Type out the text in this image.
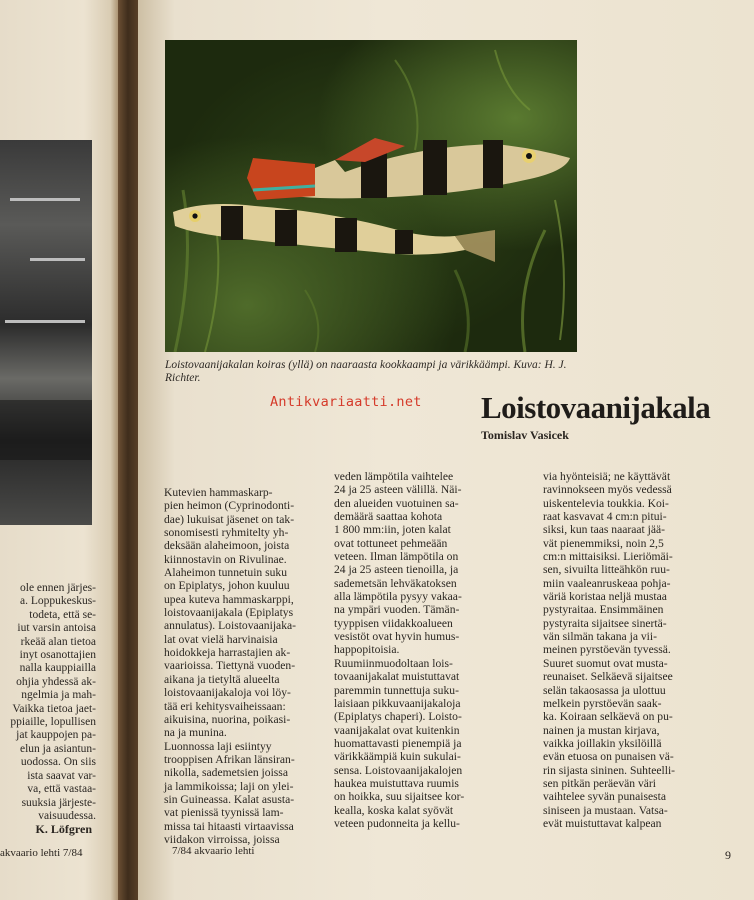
ole ennen järjes-
a. Loppukeskus-
todeta, että se-
iut varsin antoisa
rkeää alan tietoa
inyt osanottajien
nalla kauppiailla
ohjia yhdessä ak-
ngelmia ja mah-
Vaikka tietoa jaet-
ppiaille, lopullisen
jat kauppojen pa-
elun ja asiantun-
uodossa. On siis
ista saavat var-
va, että vastaa-
suuksia järjeste-
vaisuudessa.
K. Löfgren
akvaario lehti 7/84
Loistovaanijakalan koiras (yllä) on naaraasta kookkaampi ja värikkäämpi. Kuva: H. J. Richter.
Antikvariaatti.net Loistovaanijakala
Tomislav Vasicek
Kutevien hammaskarp-
pien heimon (Cyprinodonti-
dae) lukuisat jäsenet on tak-
sonomisesti ryhmitelty yh-
deksään alaheimoon, joista
kiinnostavin on Rivulinae.
Alaheimon tunnetuin suku
on Epiplatys, johon kuuluu
upea kuteva hammaskarppi,
loistovaanijakala (Epiplatys
annulatus). Loistovaanijaka-
lat ovat vielä harvinaisia
hoidokkeja harrastajien ak-
vaarioissa. Tiettynä vuoden-
aikana ja tietyltä alueelta
loistovaanijakaloja voi löy-
tää eri kehitysvaiheissaan:
aikuisina, nuorina, poikasi-
na ja munina.
Luonnossa laji esiintyy
trooppisen Afrikan länsiran-
nikolla, sademetsien joissa
ja lammikoissa; laji on ylei-
sin Guineassa. Kalat asusta-
vat pienissä tyynissä lam-
missa tai hitaasti virtaavissa
viidakon virroissa, joissa
veden lämpötila vaihtelee
24 ja 25 asteen välillä. Näi-
den alueiden vuotuinen sa-
demäärä saattaa kohota
1 800 mm:iin, joten kalat
ovat tottuneet pehmeään
veteen. Ilman lämpötila on
24 ja 25 asteen tienoilla, ja
sademetsän lehväkatoksen
alla lämpötila pysyy vakaa-
na ympäri vuoden. Tämän-
tyyppisen viidakkoalueen
vesistöt ovat hyvin humus-
happopitoisia.
Ruumiinmuodoltaan lois-
tovaanijakalat muistuttavat
paremmin tunnettuja suku-
laisiaan pikkuvaanijakaloja
(Epiplatys chaperi). Loisto-
vaanijakalat ovat kuitenkin
huomattavasti pienempiä ja
värikkäämpiä kuin sukulai-
sensa. Loistovaanijakalojen
haukea muistuttava ruumis
on hoikka, suu sijaitsee kor-
kealla, koska kalat syövät
veteen pudonneita ja kellu-
via hyönteisiä; ne käyttävät
ravinnokseen myös vedessä
uiskentelevia toukkia. Koi-
raat kasvavat 4 cm:n pitui-
siksi, kun taas naaraat jää-
vät pienemmiksi, noin 2,5
cm:n mittaisiksi. Lieriömäi-
sen, sivuilta litteähkön ruu-
miin vaaleanruskeaa pohja-
väriä koristaa neljä mustaa
pystyraitaa. Ensimmäinen
pystyraita sijaitsee sinertä-
vän silmän takana ja vii-
meinen pyrstöevän tyvessä.
Suuret suomut ovat musta-
reunaiset. Selkäevä sijaitsee
selän takaosassa ja ulottuu
melkein pyrstöevän saak-
ka. Koiraan selkäevä on pu-
nainen ja mustan kirjava,
vaikka joillakin yksilöillä
evän etuosa on punaisen vä-
rin sijasta sininen. Suhteelli-
sen pitkän peräevän väri
vaihtelee syvän punaisesta
siniseen ja mustaan. Vatsa-
evät muistuttavat kalpean
7/84 akvaario lehti	9
